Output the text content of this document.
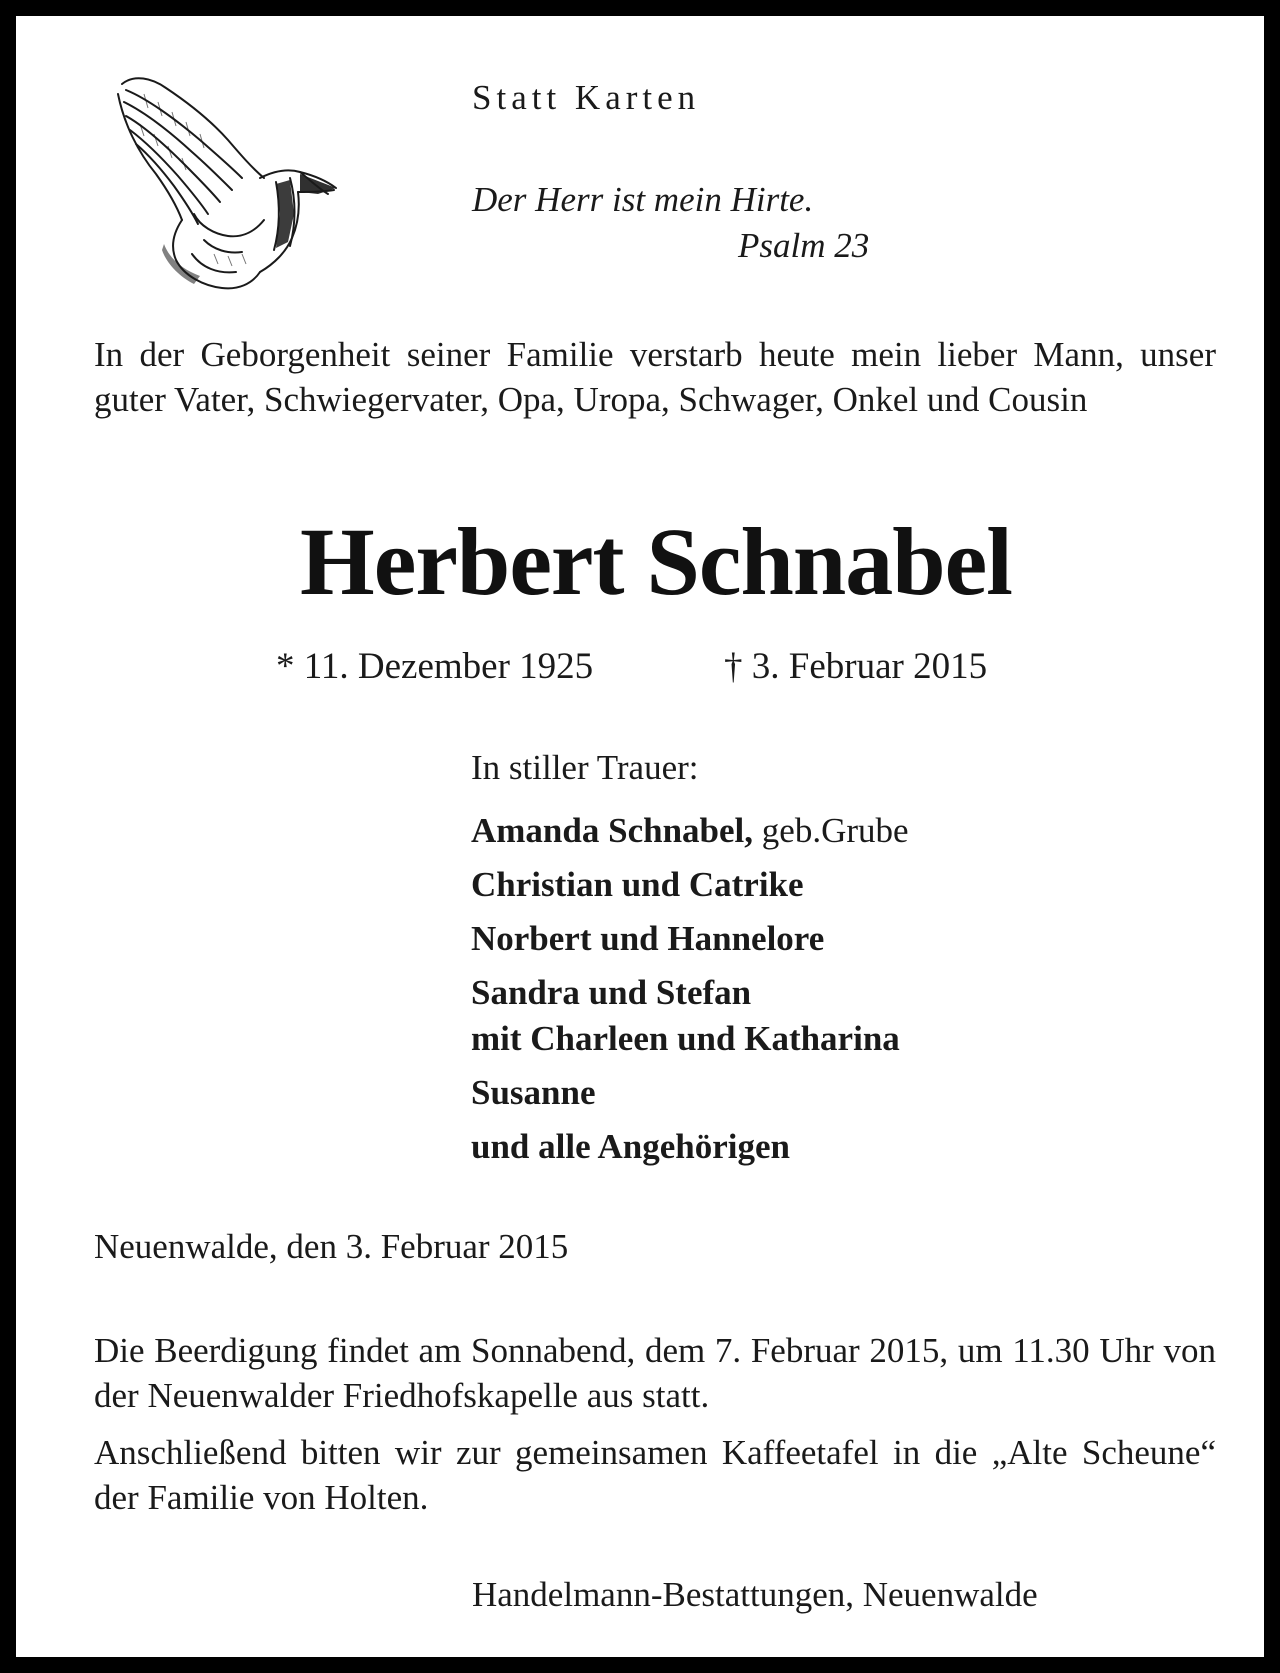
Statt Karten
Der Herr ist mein Hirte.
Psalm 23
In der Geborgenheit seiner Familie verstarb heute mein lieber Mann, unser guter Vater, Schwiegervater, Opa, Uropa, Schwager, Onkel und Cousin
Herbert Schnabel
* 11. Dezember 1925	† 3. Februar 2015
In stiller Trauer:
Amanda Schnabel, geb.Grube
Christian und Catrike
Norbert und Hannelore
Sandra und Stefan
mit Charleen und Katharina
Susanne
und alle Angehörigen
Neuenwalde, den 3. Februar 2015

Die Beerdigung findet am Sonnabend, dem 7. Februar 2015, um 11.30 Uhr von der Neuenwalder Friedhofskapelle aus statt.

Anschließend bitten wir zur gemeinsamen Kaffeetafel in die „Alte Scheune“ der Familie von Holten.

Handelmann-Bestattungen, Neuenwalde
